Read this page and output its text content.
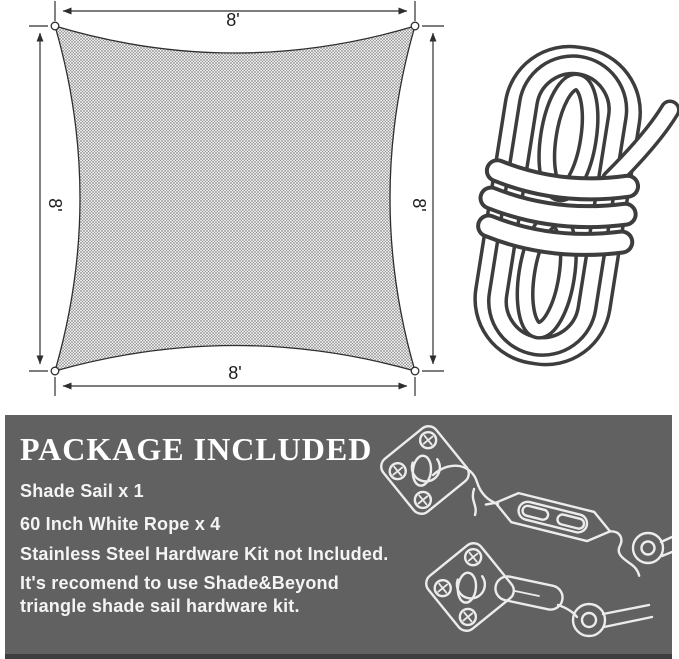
8'
8'
8'	8'
PACKAGE INCLUDED
Shade Sail x 1
60 Inch White Rope x 4
Stainless Steel Hardware Kit not Included.
It's recomend to use Shade&Beyond
triangle shade sail hardware kit.
